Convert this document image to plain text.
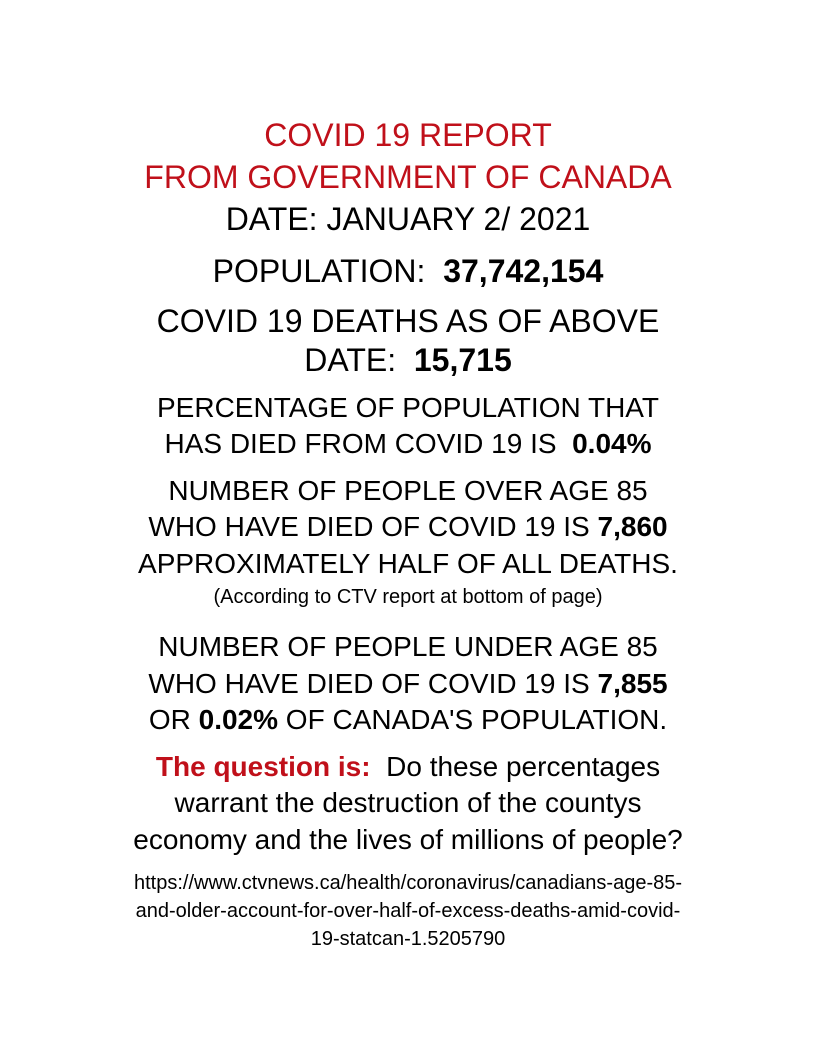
COVID 19 REPORT
FROM GOVERNMENT OF CANADA
DATE: JANUARY 2/ 2021
POPULATION:  37,742,154
COVID 19 DEATHS AS OF ABOVE
DATE:  15,715
PERCENTAGE OF POPULATION THAT
HAS DIED FROM COVID 19 IS  0.04%
NUMBER OF PEOPLE OVER AGE 85
WHO HAVE DIED OF COVID 19 IS 7,860
APPROXIMATELY HALF OF ALL DEATHS.
(According to CTV report at bottom of page)
NUMBER OF PEOPLE UNDER AGE 85
WHO HAVE DIED OF COVID 19 IS 7,855
OR 0.02% OF CANADA'S POPULATION.
The question is:  Do these percentages
warrant the destruction of the countys
economy and the lives of millions of people?
https://www.ctvnews.ca/health/coronavirus/canadians-age-85-
and-older-account-for-over-half-of-excess-deaths-amid-covid-
19-statcan-1.5205790
